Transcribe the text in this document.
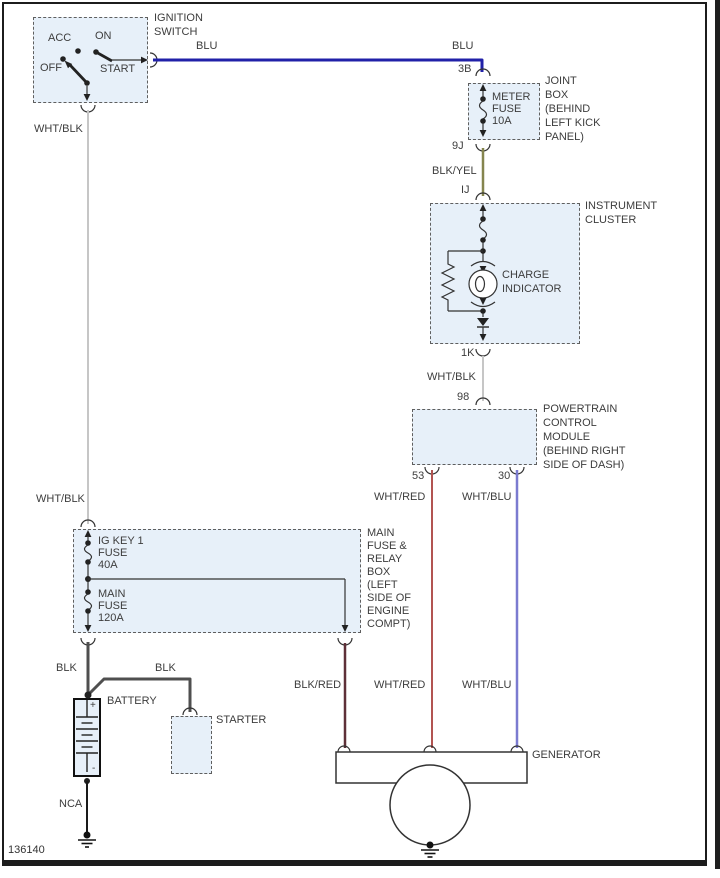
IGNITION
SWITCH
ACC ON
OFF	START
BLU	BLU
3B
METER
FUSE
10A
JOINT
BOX
(BEHIND
LEFT KICK
PANEL)
9J
BLK/YEL
IJ
INSTRUMENT
CLUSTER
CHARGE
INDICATOR
1K
WHT/BLK
98
POWERTRAIN
CONTROL
MODULE
(BEHIND RIGHT
SIDE OF DASH)
53	30
WHT/RED	WHT/BLU
WHT/BLK
WHT/BLK
IG KEY 1
FUSE
40A
MAIN
FUSE
120A
MAIN
FUSE &
RELAY
BOX
(LEFT
SIDE OF
ENGINE
COMPT)
BLK	BLK
BATTERY
+
-
STARTER
NCA
BLK/RED	WHT/RED	WHT/BLU
GENERATOR
136140
